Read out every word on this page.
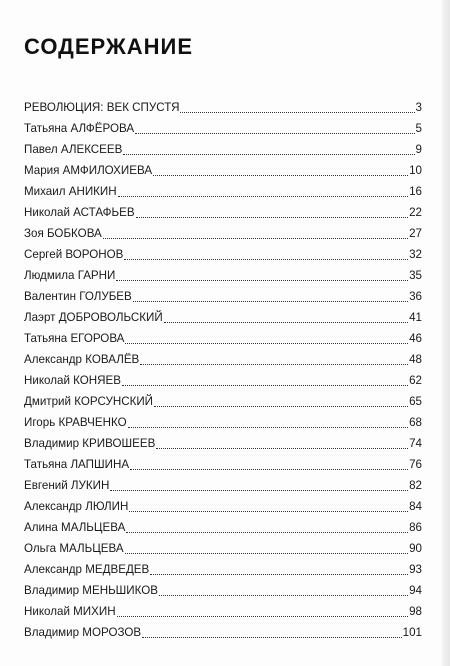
СОДЕРЖАНИЕ
РЕВОЛЮЦИЯ: ВЕК СПУСТЯ	3
Татьяна АЛФЁРОВА	5
Павел АЛЕКСЕЕВ	9
Мария АМФИЛОХИЕВА	10
Михаил АНИКИН	16
Николай АСТАФЬЕВ	22
Зоя БОБКОВА	27
Сергей ВОРОНОВ	32
Людмила ГАРНИ	35
Валентин ГОЛУБЕВ	36
Лаэрт ДОБРОВОЛЬСКИЙ	41
Татьяна ЕГОРОВА	46
Александр КОВАЛЁВ	48
Николай КОНЯЕВ	62
Дмитрий КОРСУНСКИЙ	65
Игорь КРАВЧЕНКО	68
Владимир КРИВОШЕЕВ	74
Татьяна ЛАПШИНА	76
Евгений ЛУКИН	82
Александр ЛЮЛИН	84
Алина МАЛЬЦЕВА	86
Ольга МАЛЬЦЕВА	90
Александр МЕДВЕДЕВ	93
Владимир МЕНЬШИКОВ	94
Николай МИХИН	98
Владимир МОРОЗОВ	101
